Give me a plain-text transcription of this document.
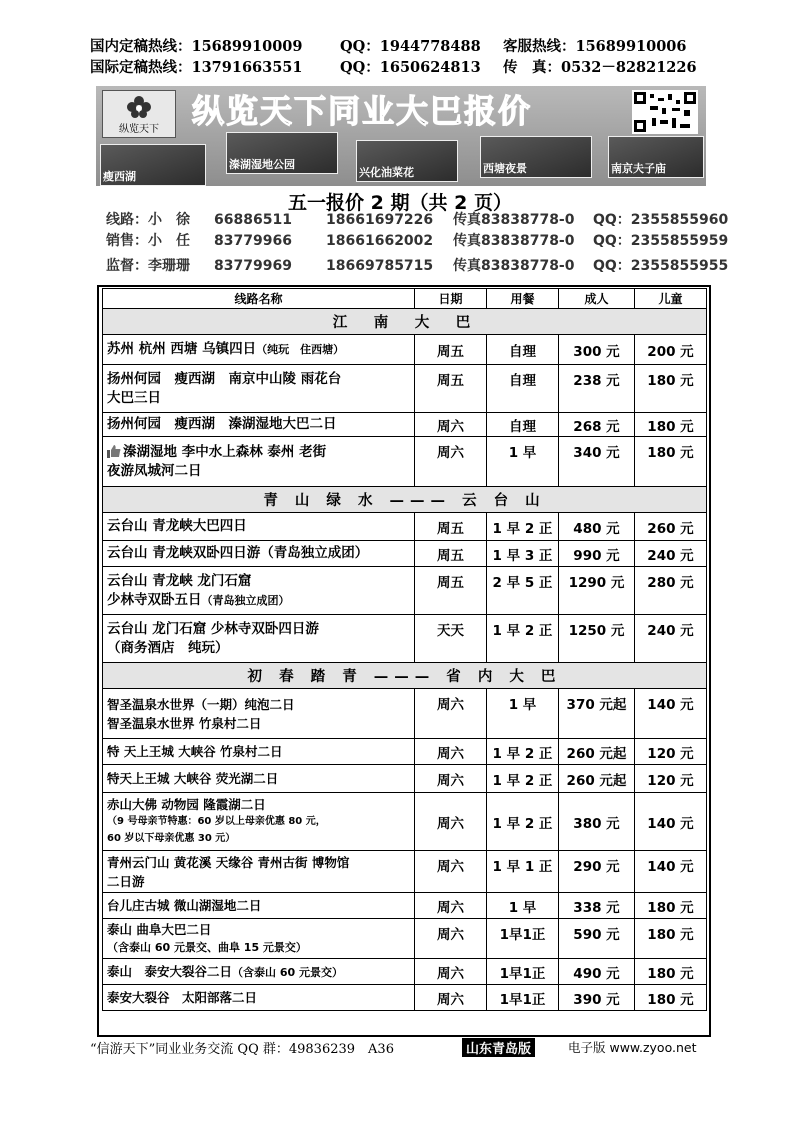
国内定稿热线：15689910009	QQ：1944778488	客服热线：15689910006
国际定稿热线：13791663551	QQ：1650624813	传　真：0532－82821226
纵览天下	纵览天下同业大巴报价
瘦西湖
溱湖湿地公园
兴化油菜花	西塘夜景	南京夫子庙
五一报价 2 期（共 2 页）
线路：小　徐	66886511	18661697226	传真83838778-0	QQ：2355855960
销售：小　任	83779966	18661662002	传真83838778-0	QQ：2355855959
监督：李珊珊	83779969	18669785715	传真83838778-0	QQ：2355855955
线路名称	日期	用餐	成人	儿童
江　南　大　巴				
苏州 杭州 西塘 乌镇四日（纯玩　住西塘）	周五	自理	300 元	200 元

扬州何园　瘦西湖　南京中山陵 雨花台
大巴三日	周五	自理	238 元	180 元
扬州何园　瘦西湖　溱湖湿地大巴二日	周六	自理	268 元	180 元

溱湖湿地 李中水上森林 泰州 老街
夜游凤城河二日	周六	1 早	340 元	180 元
青 山 绿 水 ——— 云 台 山				
云台山 青龙峡大巴四日	周五	1 早 2 正	480 元	260 元
云台山 青龙峡双卧四日游（青岛独立成团）	周五	1 早 3 正	990 元	240 元

云台山 青龙峡 龙门石窟
少林寺双卧五日（青岛独立成团）	周五	2 早 5 正	1290 元	280 元

云台山 龙门石窟 少林寺双卧四日游
（商务酒店　纯玩）	天天	1 早 2 正	1250 元	240 元
初 春 踏 青 ——— 省 内 大 巴				

智圣温泉水世界（一期）纯泡二日
智圣温泉水世界 竹泉村二日	周六	1 早	370 元起	140 元
特 天上王城 大峡谷 竹泉村二日	周六	1 早 2 正	260 元起	120 元
特天上王城 大峡谷 荧光湖二日	周六	1 早 2 正	260 元起	120 元

赤山大佛 动物园 隆霞湖二日
（9 号母亲节特惠：60 岁以上母亲优惠 80 元，
60 岁以下母亲优惠 30 元）	周六	1 早 2 正	380 元	140 元

青州云门山 黄花溪 天缘谷 青州古街 博物馆
二日游	周六	1 早 1 正	290 元	140 元
台儿庄古城 微山湖湿地二日	周六	1 早	338 元	180 元

泰山 曲阜大巴二日
（含泰山 60 元景交、曲阜 15 元景交）	周六	1早1正	590 元	180 元
泰山　泰安大裂谷二日（含泰山 60 元景交）	周六	1早1正	490 元	180 元
泰安大裂谷　太阳部落二日	周六	1早1正	390 元	180 元
“信游天下”同业业务交流 QQ 群：49836239　A36	山东青岛版	电子版 www.zyoo.net
